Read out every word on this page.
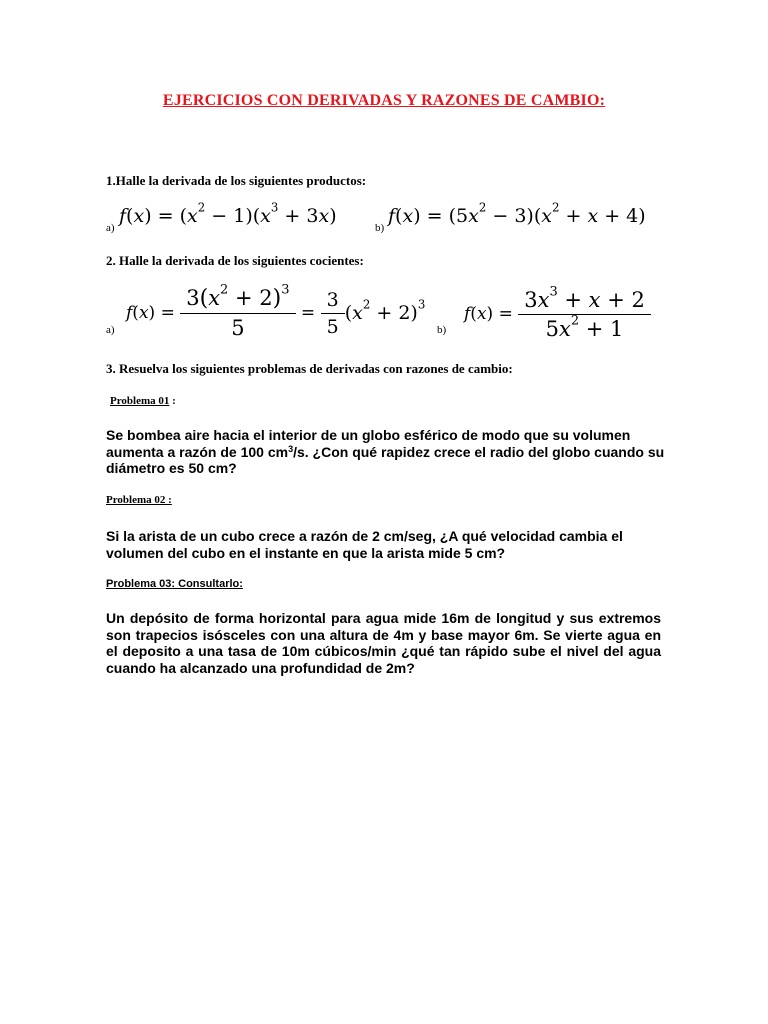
EJERCICIOS CON DERIVADAS Y RAZONES DE CAMBIO:
1.Halle la derivada de los siguientes productos:
a)
$f(x) = (x^2 - 1)(x^3 + 3x)$
b)
$f(x) = (5x^2 - 3)(x^2 + x + 4)$
2. Halle la derivada de los siguientes cocientes:
a)
f ( x ) = $\frac{3(x^2 + 2)^3}{5} = \frac{3}{5} (x^2 + 2)^3$
b)
f ( x ) = $\frac{3x^3 + x + 2}{5x^2 + 1}$
3. Resuelva los siguientes problemas de derivadas con razones de cambio:
Problema 01 :
Se bombea aire hacia el interior de un globo esférico de modo que su volumen aumenta a razón de 100 $cm^3/s$. ¿Con qué rapidez crece el radio del globo cuando su diámetro es 50 cm?
Problema 02 :
Si la arista de un cubo crece a razón de 2 cm/seg, ¿A qué velocidad cambia el volumen del cubo en el instante en que la arista mide 5 cm?
Problema 03: Consultarlo:
Un depósito de forma horizontal para agua mide 16m de longitud y sus extremos son trapecios isósceles con una altura de 4m y base mayor 6m. Se vierte agua en el deposito a una tasa de 10m cúbicos/min ¿qué tan rápido sube el nivel del agua cuando ha alcanzado una profundidad de 2m?
